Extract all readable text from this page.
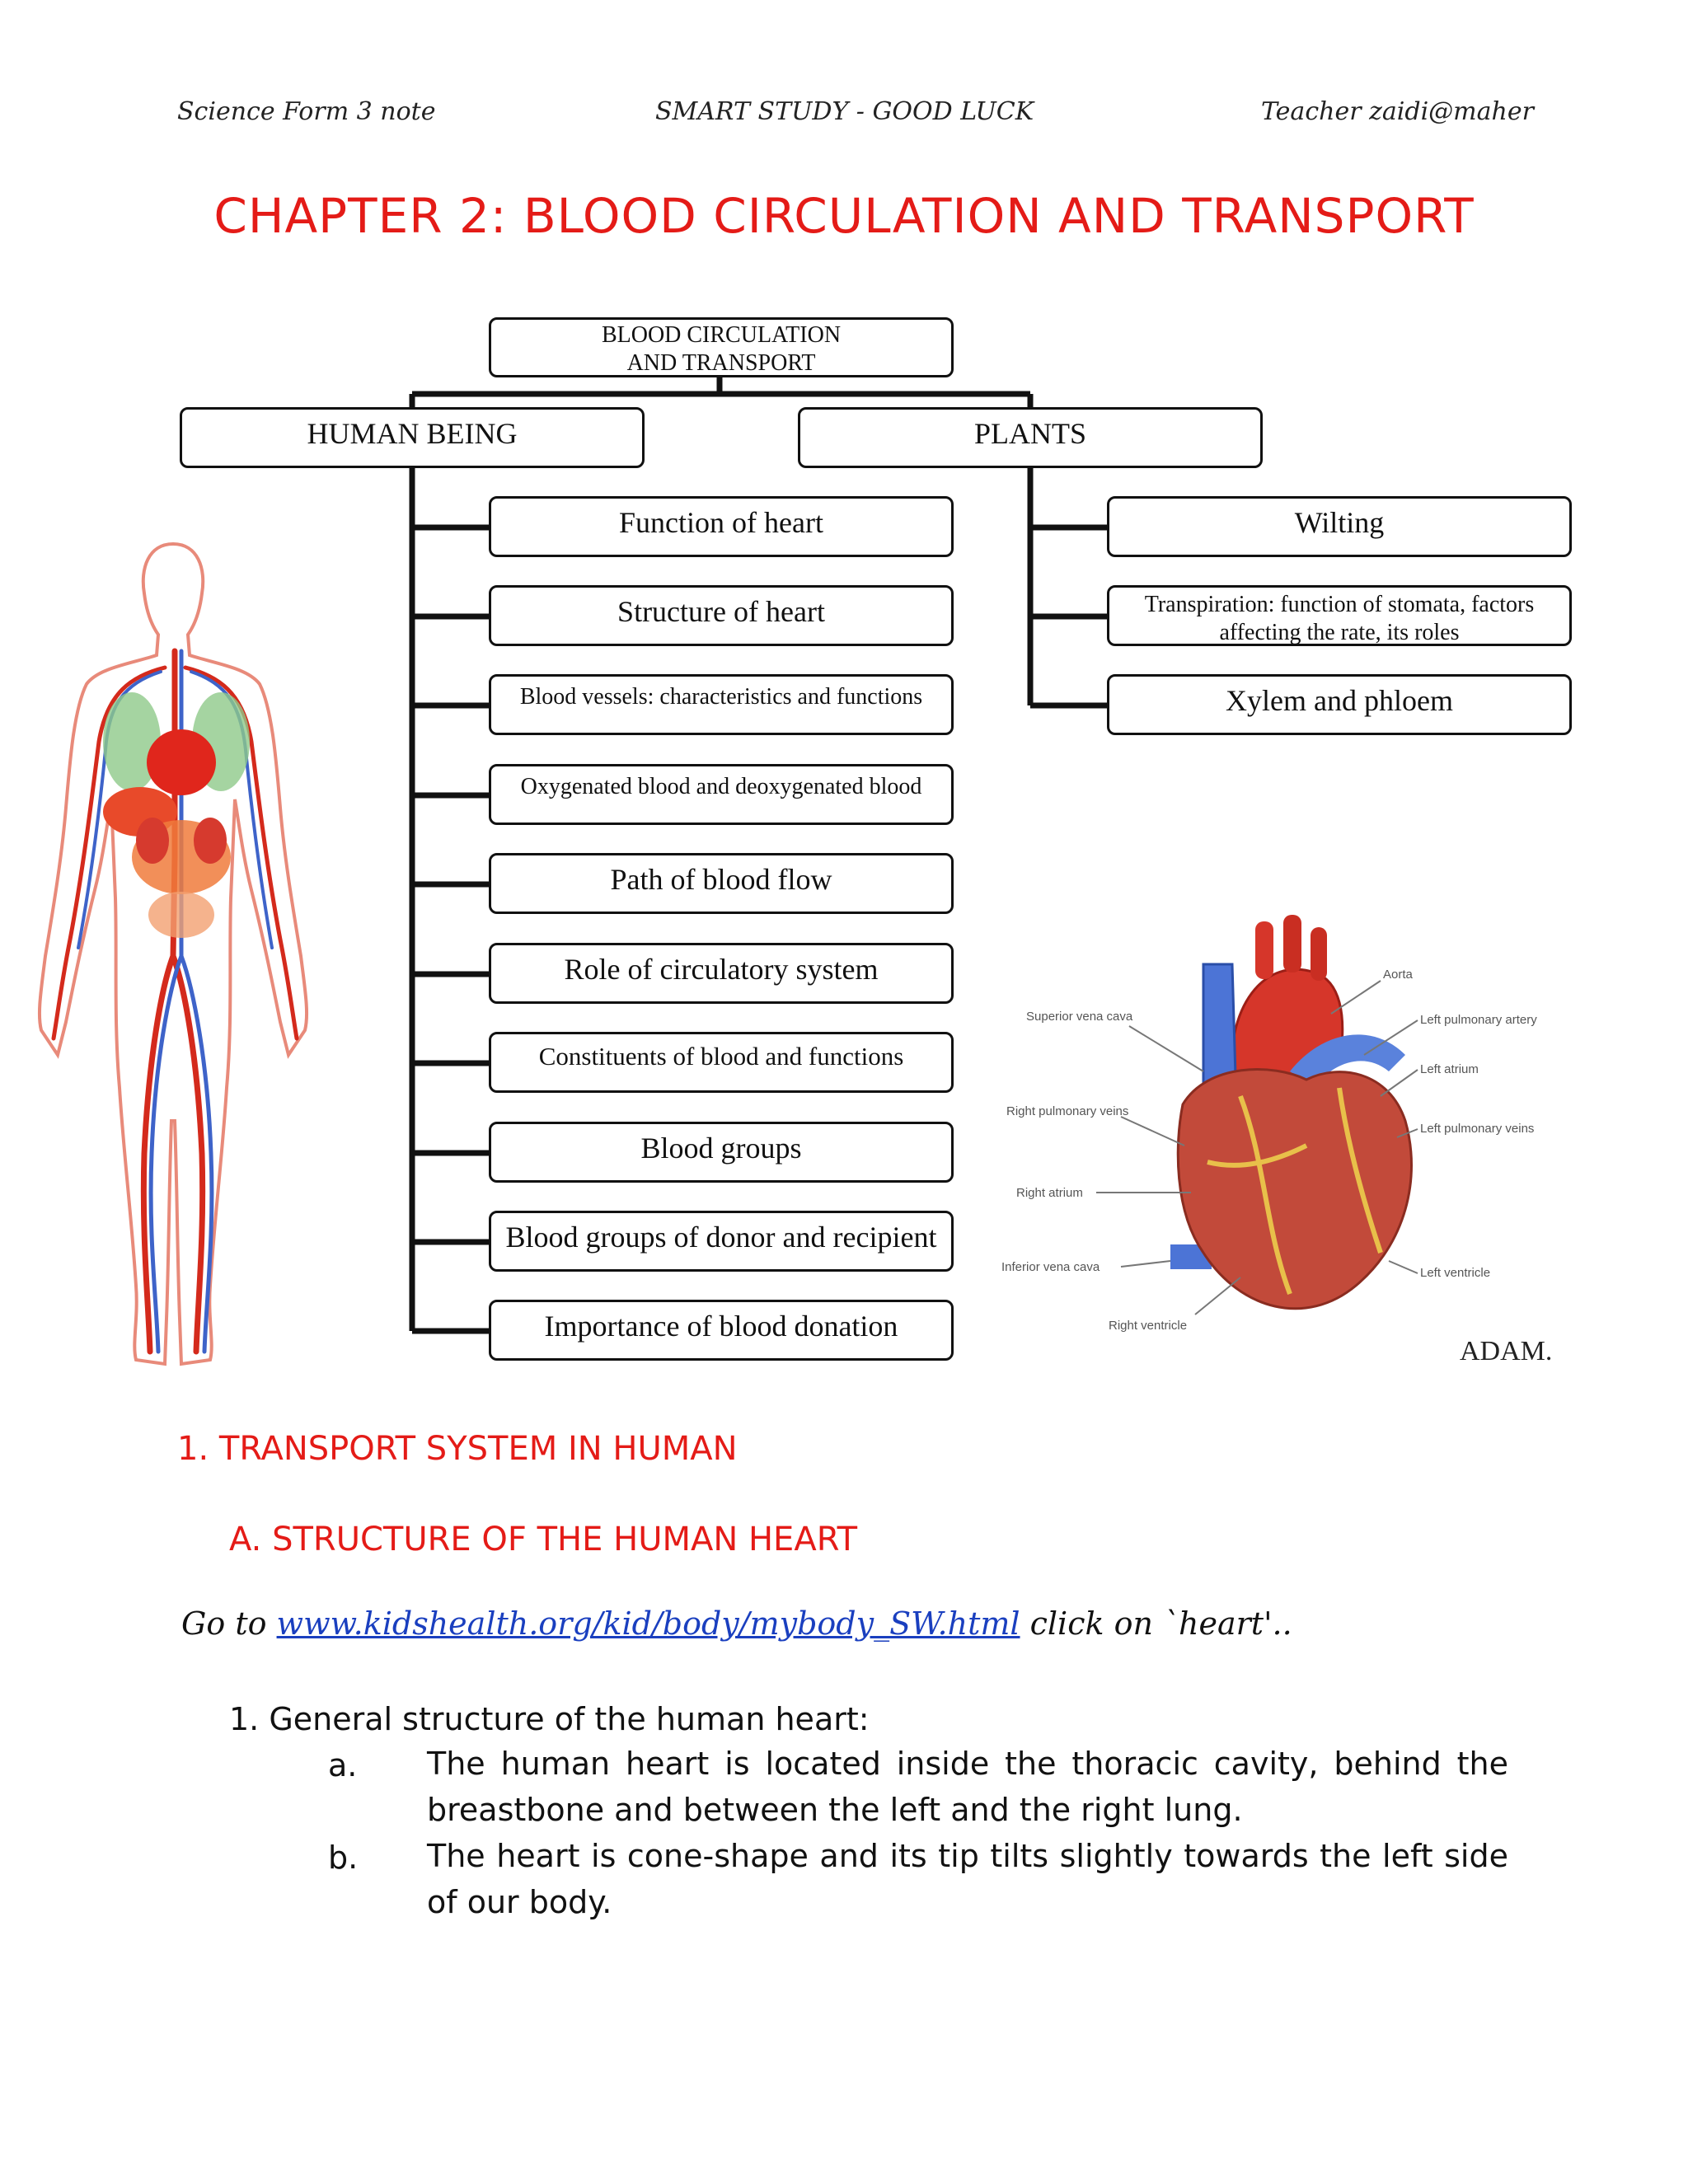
Science Form 3 note	SMART STUDY - GOOD LUCK	Teacher zaidi@maher
CHAPTER 2: BLOOD CIRCULATION AND TRANSPORT
BLOOD CIRCULATION
AND TRANSPORT
HUMAN BEING	PLANTS
Function of heart
Structure of heart
Blood vessels: characteristics and functions
Oxygenated blood and deoxygenated blood
Path of blood flow
Role of circulatory system
Constituents of blood and functions
Blood groups
Blood groups of donor and recipient
Importance of blood donation
Wilting
Transpiration: function of stomata, factors affecting the rate, its roles
Xylem and phloem
Aorta
Superior vena cava	Left pulmonary artery
Left atrium
Right pulmonary veins
Left pulmonary veins
Right atrium
Inferior vena cava	Left ventricle
Right ventricle
ADAM.
1. TRANSPORT SYSTEM IN HUMAN
A. STRUCTURE OF THE HUMAN HEART
Go to www.kidshealth.org/kid/body/mybody_SW.html click on `heart'..
1. General structure of the human heart:
a. The human heart is located inside the thoracic cavity, behind the breastbone and between the left and the right lung.
b. The heart is cone-shape and its tip tilts slightly towards the left side of our body.
